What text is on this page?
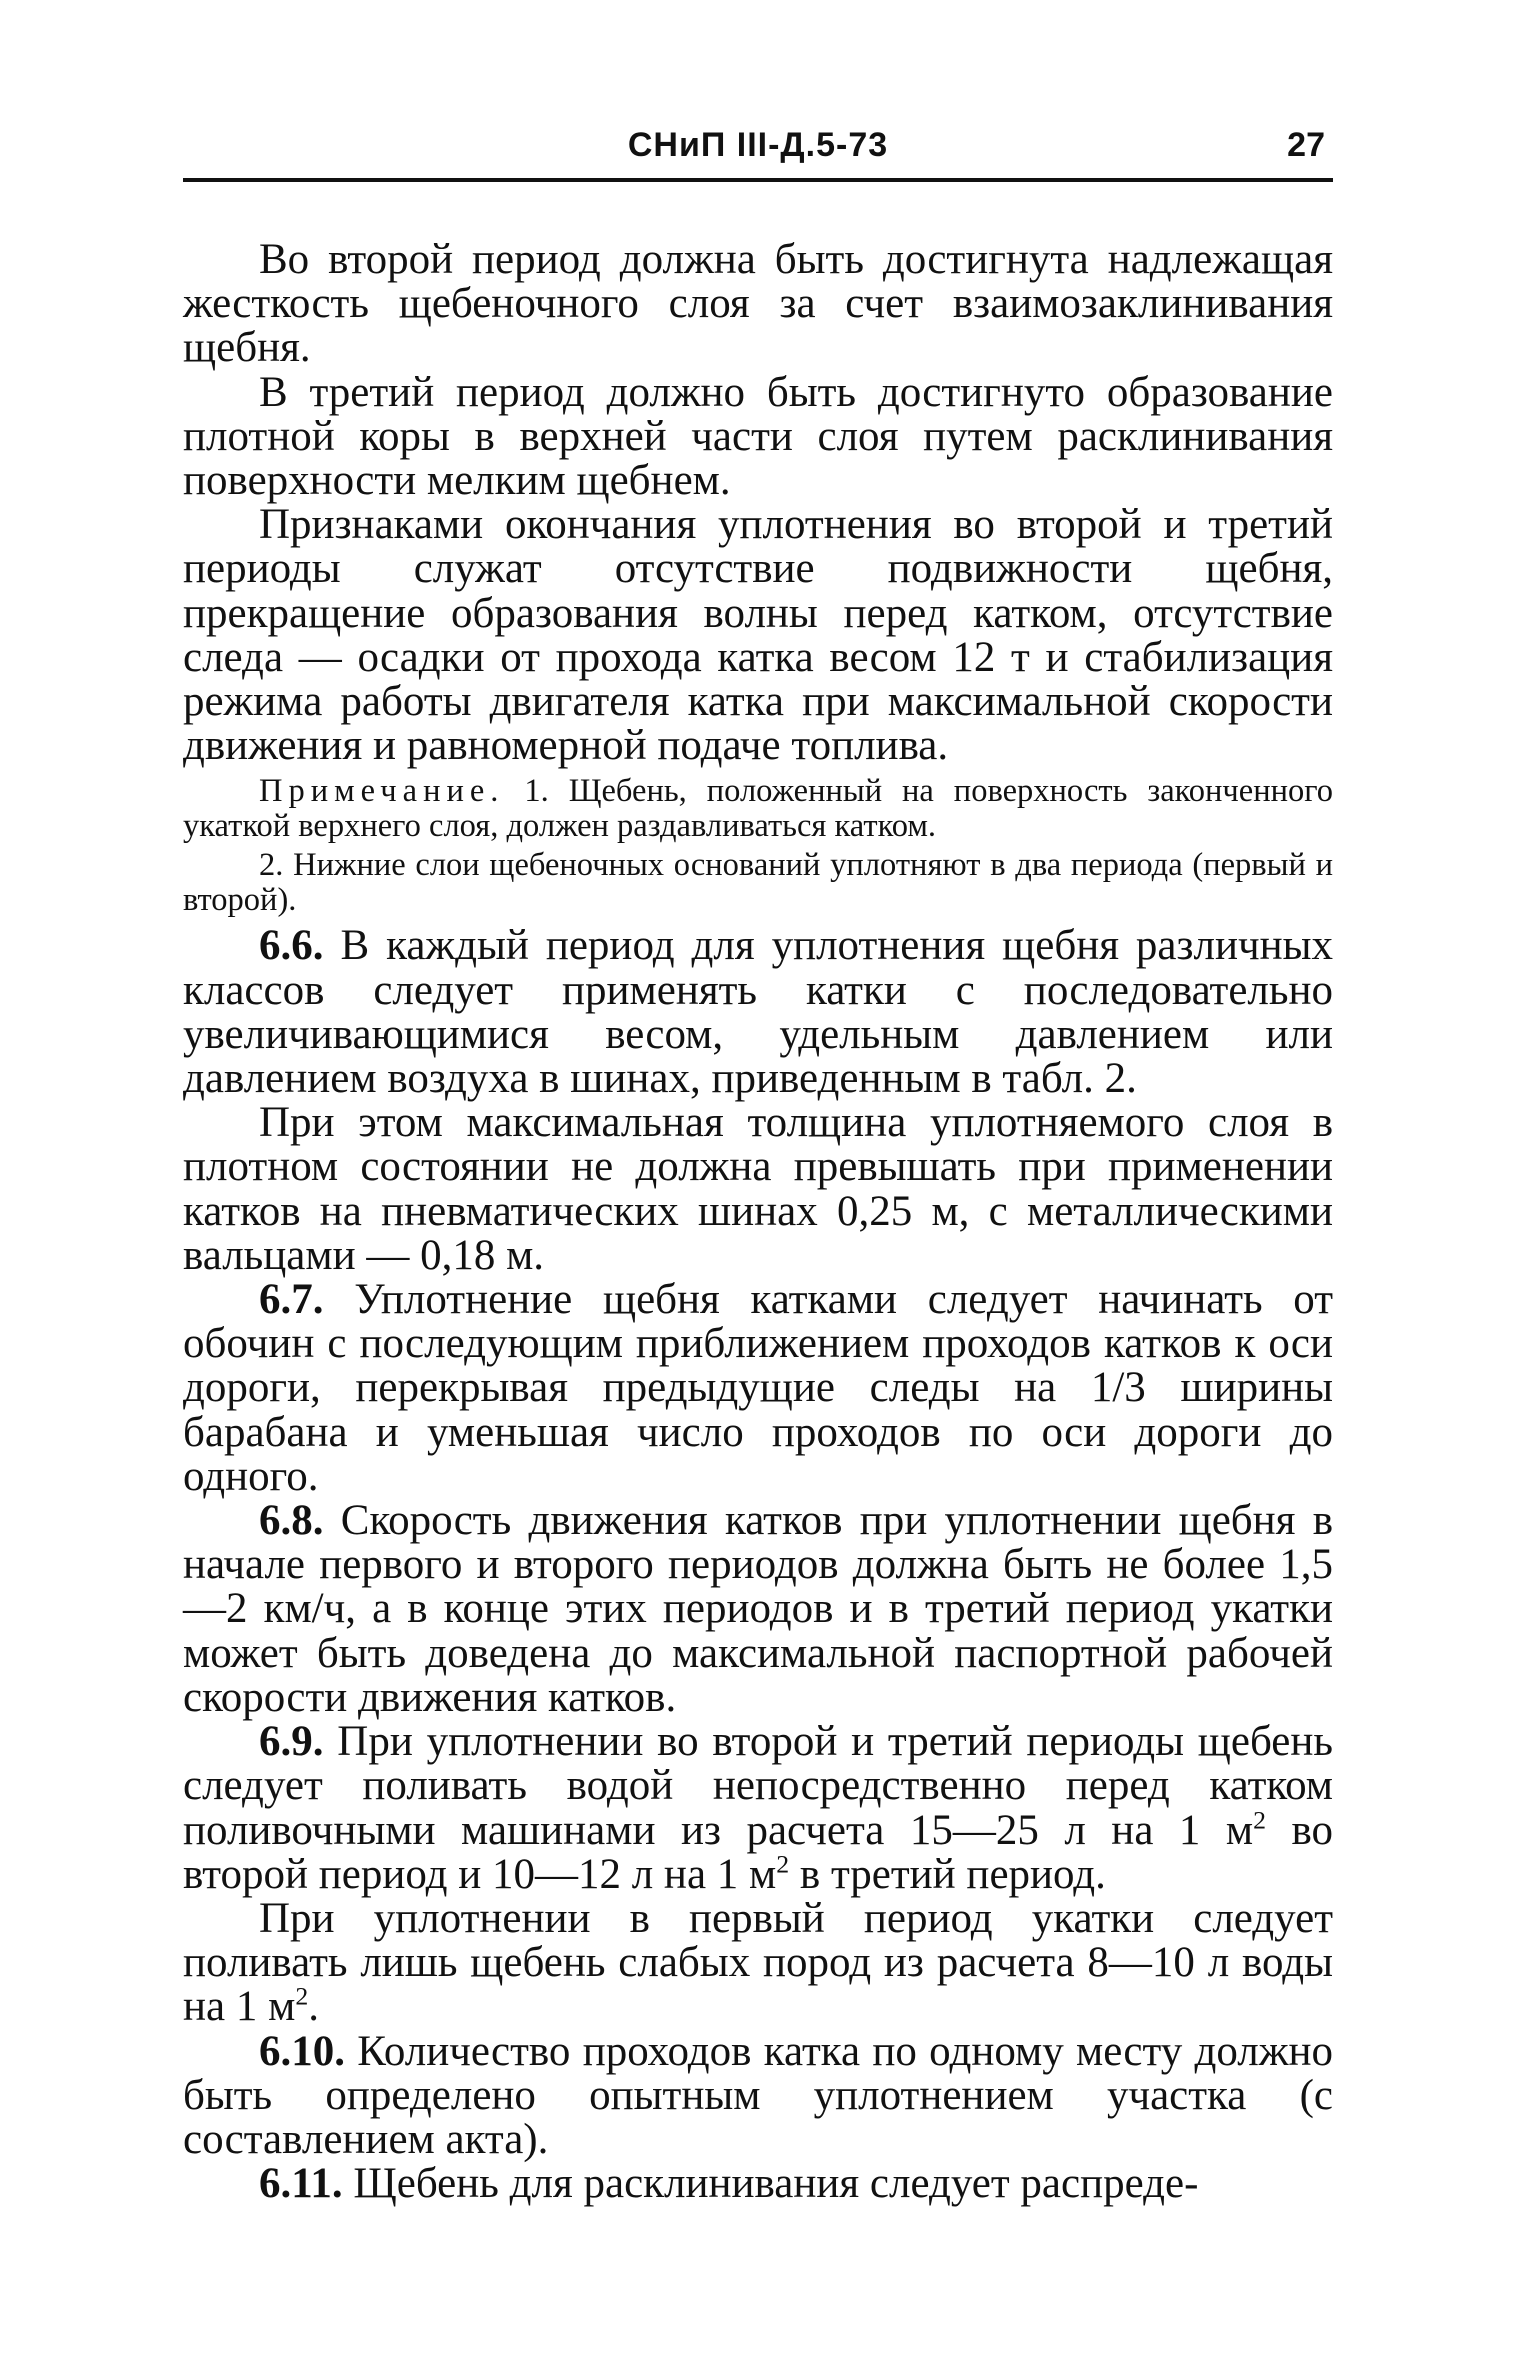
СНиП III-Д.5-73	27

Во второй период должна быть достигнута надлежащая жесткость щебеночного слоя за счет взаимозаклинивания щебня.

В третий период должно быть достигнуто образование плотной коры в верхней части слоя путем расклинивания поверхности мелким щебнем.

Признаками окончания уплотнения во второй и третий периоды служат отсутствие подвижности щебня, прекращение образования волны перед катком, отсутствие следа — осадки от прохода катка весом 12 т и стабилизация режима работы двигателя катка при максимальной скорости движения и равномерной подаче топлива.

Примечание. 1. Щебень, положенный на поверхность законченного укаткой верхнего слоя, должен раздавливаться катком.

2. Нижние слои щебеночных оснований уплотняют в два периода (первый и второй).

6.6. В каждый период для уплотнения щебня различных классов следует применять катки с последовательно увеличивающимися весом, удельным давлением или давлением воздуха в шинах, приведенным в табл. 2.

При этом максимальная толщина уплотняемого слоя в плотном состоянии не должна превышать при применении катков на пневматических шинах 0,25 м, с металлическими вальцами — 0,18 м.

6.7. Уплотнение щебня катками следует начинать от обочин с последующим приближением проходов катков к оси дороги, перекрывая предыдущие следы на 1/3 ширины барабана и уменьшая число проходов по оси дороги до одного.

6.8. Скорость движения катков при уплотнении щебня в начале первого и второго периодов должна быть не более 1,5—2 км/ч, а в конце этих периодов и в третий период укатки может быть доведена до максимальной паспортной рабочей скорости движения катков.

6.9. При уплотнении во второй и третий периоды щебень следует поливать водой непосредственно перед катком поливочными машинами из расчета 15—25 л на 1 $м^2$ во второй период и 10—12 л на 1 $м^2$ в третий период.

При уплотнении в первый период укатки следует поливать лишь щебень слабых пород из расчета 8—10 л воды на 1 $м^2$.

6.10. Количество проходов катка по одному месту должно быть определено опытным уплотнением участка (с составлением акта).

6.11. Щебень для расклинивания следует распреде-
